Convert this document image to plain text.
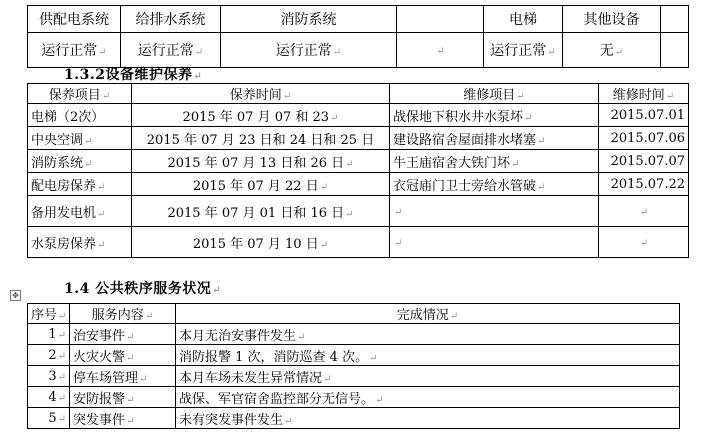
供配电系统	给排水系统	消防系统		电梯	其他设备	
运行正常↵	运行正常↵	运行正常↵	↵	运行正常↵	无↵	
1.3.2设备维护保养↵
保养项目↵	保养时间↵	维修项目↵	维修时间↵
电梯（2次）	2015 年 07 月 07 和 23↵	战保地下积水井水泵坏↵	2015.07.01
中央空调↵	2015 年 07 月 23 日和 24 日和 25 日	建设路宿舍屋面排水堵塞↵	2015.07.06
消防系统↵	2015 年 07 月 13 日和 26 日↵	牛王庙宿舍大铁门坏↵	2015.07.07
配电房保养↵	2015 年 07 月 22 日↵	衣冠庙门卫士旁给水管破↵	2015.07.22
备用发电机↵	2015 年 07 月 01 日和 16 日↵	↵	↵
水泵房保养↵	2015 年 07 月 10 日↵	↵	↵
1.4 公共秩序服务状况↵
✥
序号↵	服务内容↵	完成情况↵
1↵	治安事件↵	本月无治安事件发生↵
2↵	火灾火警↵	消防报警 1 次，消防巡查 4 次。↵
3↵	停车场管理↵	本月车场未发生异常情况↵
4↵	安防报警↵	战保、军官宿舍监控部分无信号。↵
5↵	突发事件↵	未有突发事件发生↵
